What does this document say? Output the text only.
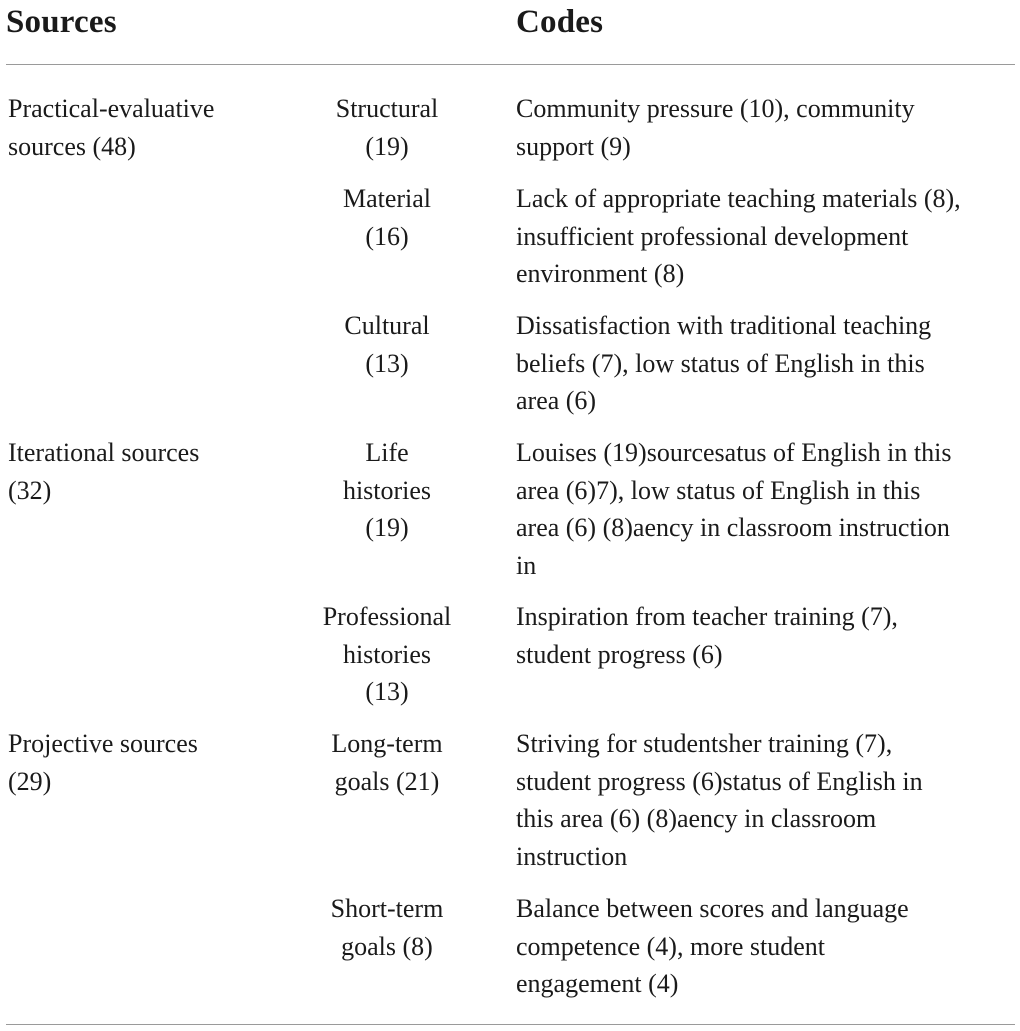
Sources	Codes
Practical-evaluative
sources (48)
Structural
(19)
Community pressure (10), community
support (9)
Material
(16)
Lack of appropriate teaching materials (8),
insufficient professional development
environment (8)
Cultural
(13)
Dissatisfaction with traditional teaching
beliefs (7), low status of English in this
area (6)
Iterational sources
(32)
Life
histories
(19)
Louises (19)sourcesatus of English in this
area (6)7), low status of English in this
area (6) (8)aency in classroom instruction
in
Professional
histories
(13)
Inspiration from teacher training (7),
student progress (6)
Projective sources
(29)
Long-term
goals (21)
Striving for studentsher training (7),
student progress (6)status of English in
this area (6) (8)aency in classroom
instruction
Short-term
goals (8)
Balance between scores and language
competence (4), more student
engagement (4)
